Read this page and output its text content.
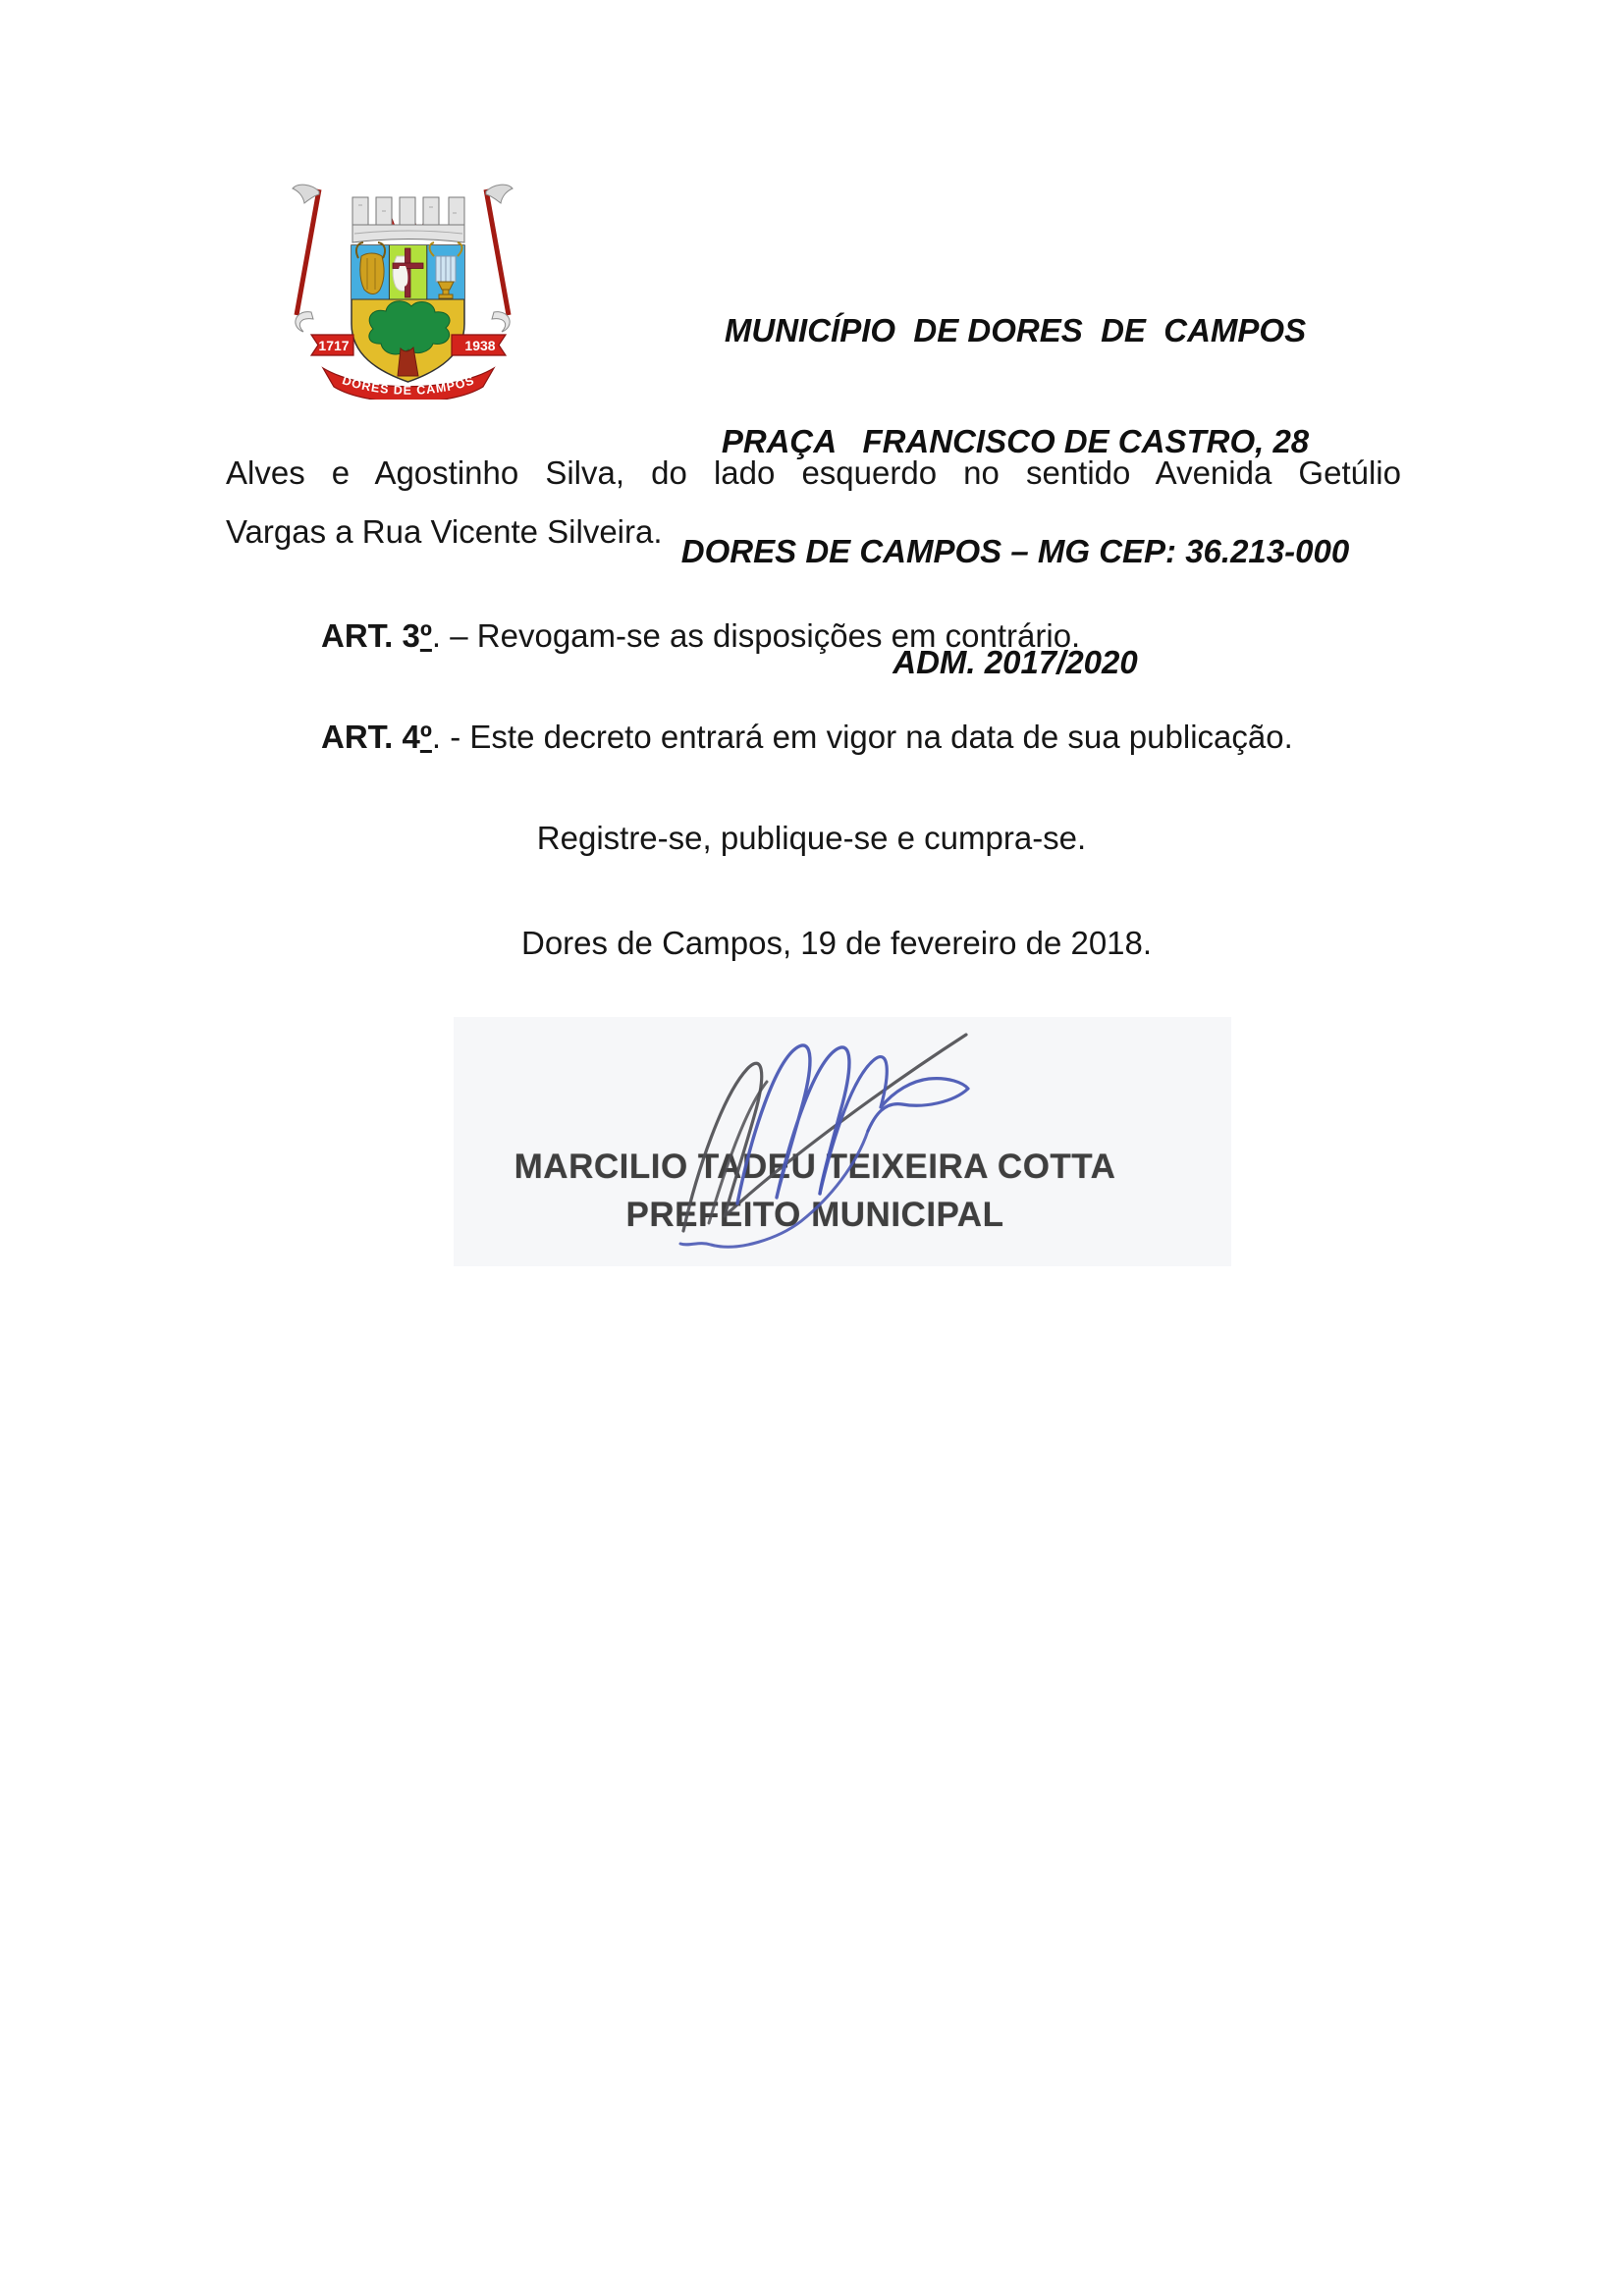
1717	1938
DORES DE CAMPOS

MUNICÍPIO  DE DORES  DE  CAMPOS

PRAÇA   FRANCISCO DE CASTRO, 28

DORES DE CAMPOS – MG CEP: 36.213-000

ADM. 2017/2020

Alves e Agostinho Silva, do lado esquerdo no sentido Avenida Getúlio
Vargas a Rua Vicente Silveira.
ART. 3º. – Revogam-se as disposições em contrário.
ART. 4º. - Este decreto entrará em vigor na data de sua publicação.
Registre-se, publique-se e cumpra-se.
Dores de Campos, 19 de fevereiro de 2018.
MARCILIO TADEU TEIXEIRA COTTA
PREFEITO MUNICIPAL
